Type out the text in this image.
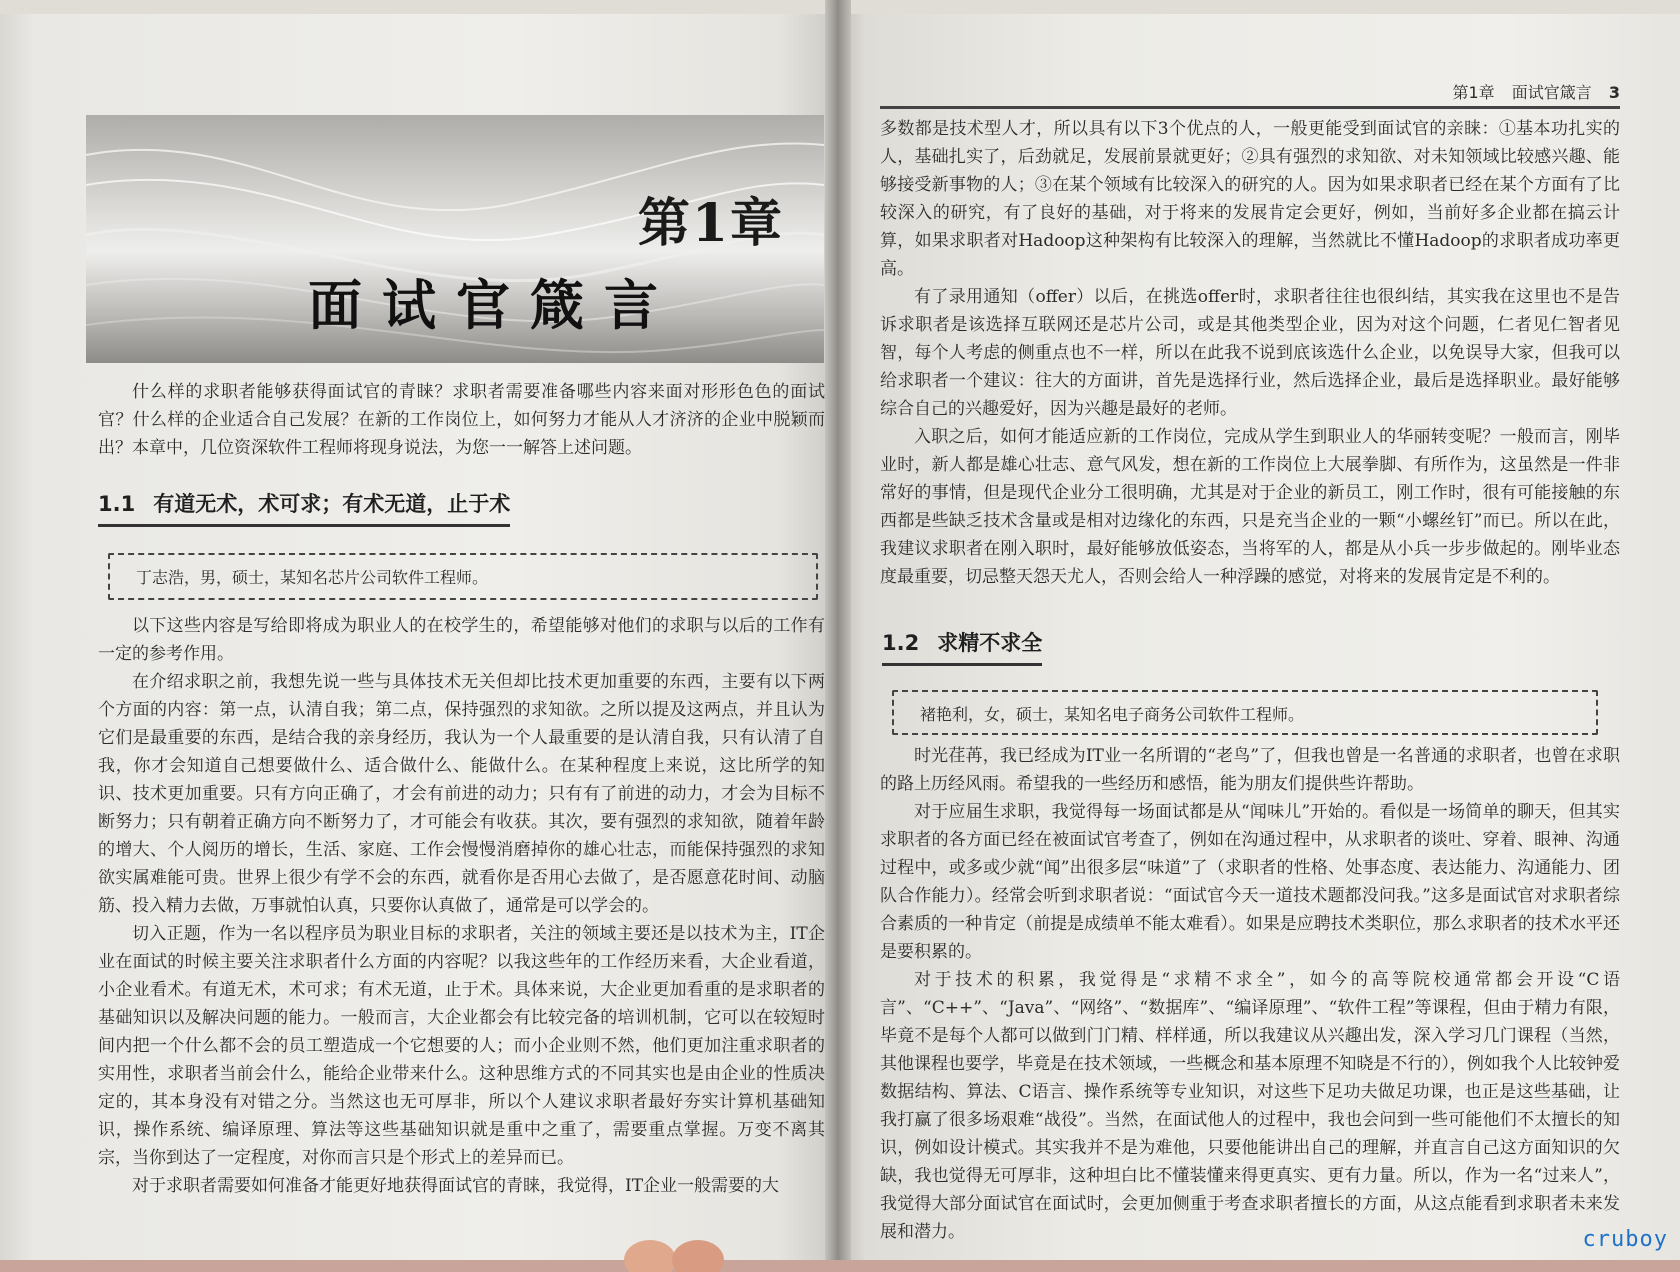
第1章
面试官箴言

什么样的求职者能够获得面试官的青睐？求职者需要准备哪些内容来面对形形色色的面试官？什么样的企业适合自己发展？在新的工作岗位上，如何努力才能从人才济济的企业中脱颖而出？本章中，几位资深软件工程师将现身说法，为您一一解答上述问题。

1.1 有道无术，术可求；有术无道，止于术
丁志浩，男，硕士，某知名芯片公司软件工程师。

以下这些内容是写给即将成为职业人的在校学生的，希望能够对他们的求职与以后的工作有一定的参考作用。

在介绍求职之前，我想先说一些与具体技术无关但却比技术更加重要的东西，主要有以下两个方面的内容：第一点，认清自我；第二点，保持强烈的求知欲。之所以提及这两点，并且认为它们是最重要的东西，是结合我的亲身经历，我认为一个人最重要的是认清自我，只有认清了自我，你才会知道自己想要做什么、适合做什么、能做什么。在某种程度上来说，这比所学的知识、技术更加重要。只有方向正确了，才会有前进的动力；只有有了前进的动力，才会为目标不断努力；只有朝着正确方向不断努力了，才可能会有收获。其次，要有强烈的求知欲，随着年龄的增大、个人阅历的增长，生活、家庭、工作会慢慢消磨掉你的雄心壮志，而能保持强烈的求知欲实属难能可贵。世界上很少有学不会的东西，就看你是否用心去做了，是否愿意花时间、动脑筋、投入精力去做，万事就怕认真，只要你认真做了，通常是可以学会的。

切入正题，作为一名以程序员为职业目标的求职者，关注的领域主要还是以技术为主，IT企业在面试的时候主要关注求职者什么方面的内容呢？以我这些年的工作经历来看，大企业看道，小企业看术。有道无术，术可求；有术无道，止于术。具体来说，大企业更加看重的是求职者的基础知识以及解决问题的能力。一般而言，大企业都会有比较完备的培训机制，它可以在较短时间内把一个什么都不会的员工塑造成一个它想要的人；而小企业则不然，他们更加注重求职者的实用性，求职者当前会什么，能给企业带来什么。这种思维方式的不同其实也是由企业的性质决定的，其本身没有对错之分。当然这也无可厚非，所以个人建议求职者最好夯实计算机基础知识，操作系统、编译原理、算法等这些基础知识就是重中之重了，需要重点掌握。万变不离其宗，当你到达了一定程度，对你而言只是个形式上的差异而已。

对于求职者需要如何准备才能更好地获得面试官的青睐，我觉得，IT企业一般需要的大

第1章 面试官箴言 3

多数都是技术型人才，所以具有以下3个优点的人，一般更能受到面试官的亲睐：①基本功扎实的人，基础扎实了，后劲就足，发展前景就更好；②具有强烈的求知欲、对未知领域比较感兴趣、能够接受新事物的人；③在某个领域有比较深入的研究的人。因为如果求职者已经在某个方面有了比较深入的研究，有了良好的基础，对于将来的发展肯定会更好，例如，当前好多企业都在搞云计算，如果求职者对Hadoop这种架构有比较深入的理解，当然就比不懂Hadoop的求职者成功率更高。

有了录用通知（offer）以后，在挑选offer时，求职者往往也很纠结，其实我在这里也不是告诉求职者是该选择互联网还是芯片公司，或是其他类型企业，因为对这个问题，仁者见仁智者见智，每个人考虑的侧重点也不一样，所以在此我不说到底该选什么企业，以免误导大家，但我可以给求职者一个建议：往大的方面讲，首先是选择行业，然后选择企业，最后是选择职业。最好能够综合自己的兴趣爱好，因为兴趣是最好的老师。

入职之后，如何才能适应新的工作岗位，完成从学生到职业人的华丽转变呢？一般而言，刚毕业时，新人都是雄心壮志、意气风发，想在新的工作岗位上大展拳脚、有所作为，这虽然是一件非常好的事情，但是现代企业分工很明确，尤其是对于企业的新员工，刚工作时，很有可能接触的东西都是些缺乏技术含量或是相对边缘化的东西，只是充当企业的一颗“小螺丝钉”而已。所以在此，我建议求职者在刚入职时，最好能够放低姿态，当将军的人，都是从小兵一步步做起的。刚毕业态度最重要，切忌整天怨天尤人，否则会给人一种浮躁的感觉，对将来的发展肯定是不利的。

1.2 求精不求全
褚艳利，女，硕士，某知名电子商务公司软件工程师。

时光荏苒，我已经成为IT业一名所谓的“老鸟”了，但我也曾是一名普通的求职者，也曾在求职的路上历经风雨。希望我的一些经历和感悟，能为朋友们提供些许帮助。

对于应届生求职，我觉得每一场面试都是从“闻味儿”开始的。看似是一场简单的聊天，但其实求职者的各方面已经在被面试官考查了，例如在沟通过程中，从求职者的谈吐、穿着、眼神、沟通过程中，或多或少就“闻”出很多层“味道”了（求职者的性格、处事态度、表达能力、沟通能力、团队合作能力）。经常会听到求职者说：“面试官今天一道技术题都没问我。”这多是面试官对求职者综合素质的一种肯定（前提是成绩单不能太难看）。如果是应聘技术类职位，那么求职者的技术水平还是要积累的。

对于技术的积累，我觉得是“求精不求全”，如今的高等院校通常都会开设“C语言”、“C++”、“Java”、“网络”、“数据库”、“编译原理”、“软件工程”等课程，但由于精力有限，毕竟不是每个人都可以做到门门精、样样通，所以我建议从兴趣出发，深入学习几门课程（当然，其他课程也要学，毕竟是在技术领域，一些概念和基本原理不知晓是不行的），例如我个人比较钟爱数据结构、算法、C语言、操作系统等专业知识，对这些下足功夫做足功课，也正是这些基础，让我打赢了很多场艰难“战役”。当然，在面试他人的过程中，我也会问到一些可能他们不太擅长的知识，例如设计模式。其实我并不是为难他，只要他能讲出自己的理解，并直言自己这方面知识的欠缺，我也觉得无可厚非，这种坦白比不懂装懂来得更真实、更有力量。所以，作为一名“过来人”，我觉得大部分面试官在面试时，会更加侧重于考查求职者擅长的方面，从这点能看到求职者未来发展和潜力。	cruboy
